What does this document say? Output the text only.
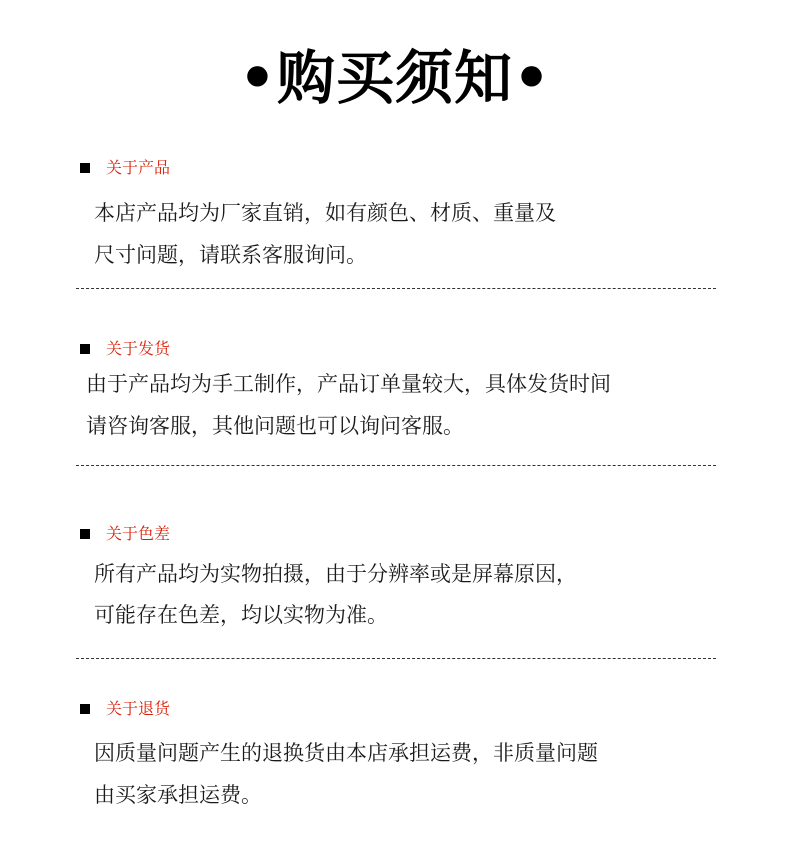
•购买须知•
关于产品
本店产品均为厂家直销，如有颜色、材质、重量及
尺寸问题，请联系客服询问。
关于发货
由于产品均为手工制作，产品订单量较大，具体发货时间
请咨询客服，其他问题也可以询问客服。
关于色差
所有产品均为实物拍摄，由于分辨率或是屏幕原因，
可能存在色差，均以实物为准。
关于退货
因质量问题产生的退换货由本店承担运费，非质量问题
由买家承担运费。
